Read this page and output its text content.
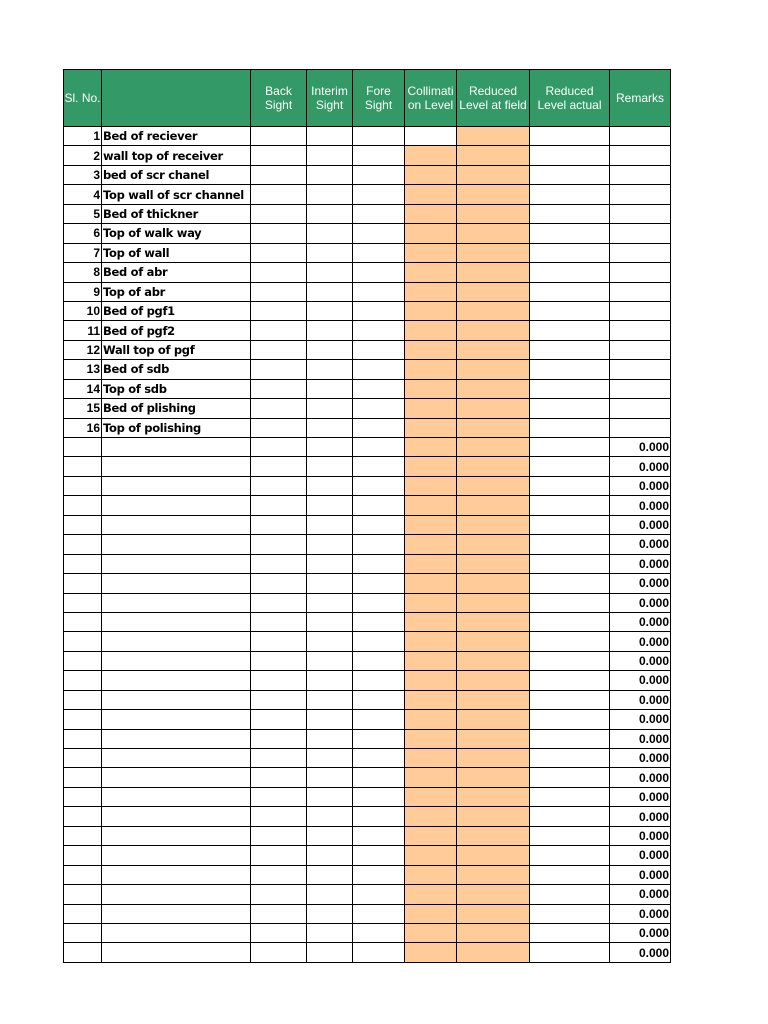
Sl. No.		Back Sight	Interim Sight	Fore Sight	Collimati on Level	Reduced Level at field	Reduced Level actual	Remarks

1	Bed of reciever							
2	wall top of receiver							
3	bed of scr chanel							
4	Top wall of scr channel							
5	Bed of thickner							
6	Top of walk way							
7	Top of wall							
8	Bed of abr							
9	Top of abr							
10	Bed of pgf1							
11	Bed of pgf2							
12	Wall top of pgf							
13	Bed of sdb							
14	Top of sdb							
15	Bed of plishing							
16	Top of polishing							
								0.000
								0.000
								0.000
								0.000
								0.000
								0.000
								0.000
								0.000
								0.000
								0.000
								0.000
								0.000
								0.000
								0.000
								0.000
								0.000
								0.000
								0.000
								0.000
								0.000
								0.000
								0.000
								0.000
								0.000
								0.000
								0.000
								0.000
